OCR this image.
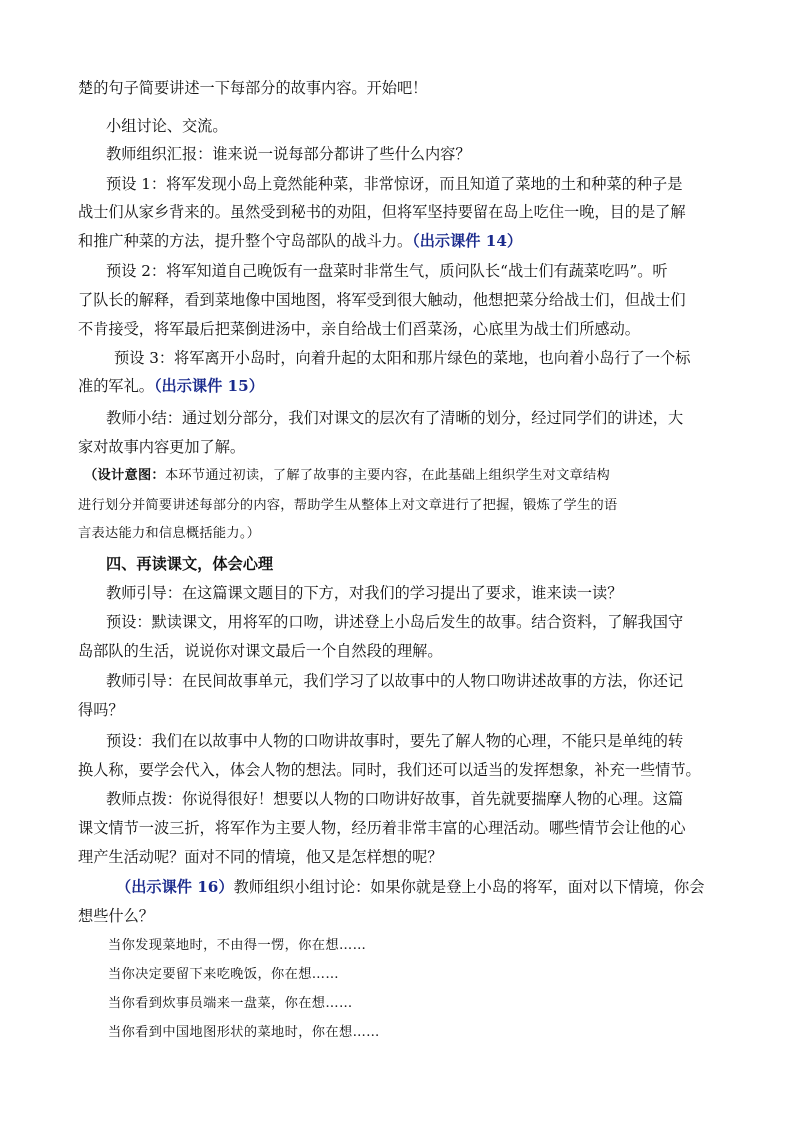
楚的句子简要讲述一下每部分的故事内容。开始吧！
小组讨论、交流。
教师组织汇报：谁来说一说每部分都讲了些什么内容？
预设 1：将军发现小岛上竟然能种菜，非常惊讶，而且知道了菜地的土和种菜的种子是
战士们从家乡背来的。虽然受到秘书的劝阻，但将军坚持要留在岛上吃住一晚，目的是了解
和推广种菜的方法，提升整个守岛部队的战斗力。（出示课件 14）
预设 2：将军知道自己晚饭有一盘菜时非常生气，质问队长“战士们有蔬菜吃吗”。听
了队长的解释，看到菜地像中国地图，将军受到很大触动，他想把菜分给战士们，但战士们
不肯接受，将军最后把菜倒进汤中，亲自给战士们舀菜汤，心底里为战士们所感动。
预设 3：将军离开小岛时，向着升起的太阳和那片绿色的菜地，也向着小岛行了一个标
准的军礼。（出示课件 15）
教师小结：通过划分部分，我们对课文的层次有了清晰的划分，经过同学们的讲述，大
家对故事内容更加了解。
（设计意图：本环节通过初读，了解了故事的主要内容，在此基础上组织学生对文章结构
进行划分并简要讲述每部分的内容，帮助学生从整体上对文章进行了把握，锻炼了学生的语
言表达能力和信息概括能力。）
四、再读课文，体会心理
教师引导：在这篇课文题目的下方，对我们的学习提出了要求，谁来读一读？
预设：默读课文，用将军的口吻，讲述登上小岛后发生的故事。结合资料，了解我国守
岛部队的生活，说说你对课文最后一个自然段的理解。
教师引导：在民间故事单元，我们学习了以故事中的人物口吻讲述故事的方法，你还记
得吗？
预设：我们在以故事中人物的口吻讲故事时，要先了解人物的心理，不能只是单纯的转
换人称，要学会代入，体会人物的想法。同时，我们还可以适当的发挥想象，补充一些情节。
教师点拨：你说得很好！想要以人物的口吻讲好故事，首先就要揣摩人物的心理。这篇
课文情节一波三折，将军作为主要人物，经历着非常丰富的心理活动。哪些情节会让他的心
理产生活动呢？面对不同的情境，他又是怎样想的呢？
（出示课件 16）教师组织小组讨论：如果你就是登上小岛的将军，面对以下情境，你会
想些什么？
当你发现菜地时，不由得一愣，你在想……
当你决定要留下来吃晚饭，你在想……
当你看到炊事员端来一盘菜，你在想……
当你看到中国地图形状的菜地时，你在想……
